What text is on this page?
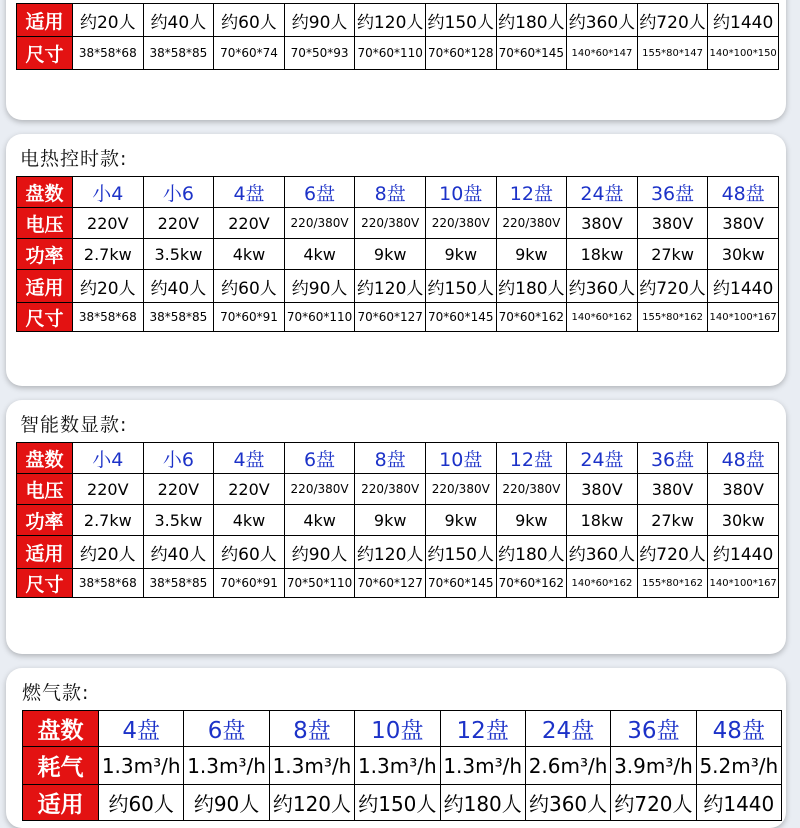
适用	约20人	约40人	约60人	约90人	约120人	约150人	约180人	约360人	约720人	约1440
尺寸	38*58*68	38*58*85	70*60*74	70*50*93	70*60*110	70*60*128	70*60*145	140*60*147	155*80*147	140*100*150
电热控时款:
盘数	小4	小6	4盘	6盘	8盘	10盘	12盘	24盘	36盘	48盘
电压	220V	220V	220V	220/380V	220/380V	220/380V	220/380V	380V	380V	380V
功率	2.7kw	3.5kw	4kw	4kw	9kw	9kw	9kw	18kw	27kw	30kw
适用	约20人	约40人	约60人	约90人	约120人	约150人	约180人	约360人	约720人	约1440
尺寸	38*58*68	38*58*85	70*60*91	70*60*110	70*60*127	70*60*145	70*60*162	140*60*162	155*80*162	140*100*167
智能数显款:
盘数	小4	小6	4盘	6盘	8盘	10盘	12盘	24盘	36盘	48盘
电压	220V	220V	220V	220/380V	220/380V	220/380V	220/380V	380V	380V	380V
功率	2.7kw	3.5kw	4kw	4kw	9kw	9kw	9kw	18kw	27kw	30kw
适用	约20人	约40人	约60人	约90人	约120人	约150人	约180人	约360人	约720人	约1440
尺寸	38*58*68	38*58*85	70*60*91	70*50*110	70*60*127	70*60*145	70*60*162	140*60*162	155*80*162	140*100*167
燃气款:
盘数	4盘	6盘	8盘	10盘	12盘	24盘	36盘	48盘
耗气	1.3m³/h	1.3m³/h	1.3m³/h	1.3m³/h	1.3m³/h	2.6m³/h	3.9m³/h	5.2m³/h
适用	约60人	约90人	约120人	约150人	约180人	约360人	约720人	约1440
